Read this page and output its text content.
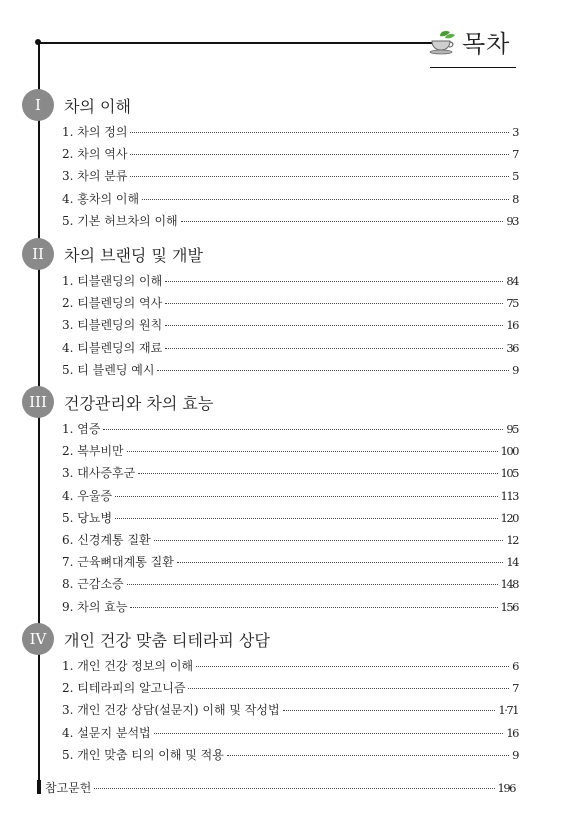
목차
I	차의 이해
1. 차의 정의	3
2. 차의 역사	7
3. 차의 분류	5
4. 홍차의 이해	8
5. 기본 허브차의 이해	93
II	차의 브랜딩 및 개발
1. 티블랜딩의 이해	84
2. 티블렌딩의 역사	75
3. 티블렌딩의 원칙	16
4. 티블렌딩의 재료	36
5. 티 블렌딩 예시	9
III	건강관리와 차의 효능
1. 염증	95
2. 복부비만	100
3. 대사증후군	105
4. 우울증	113
5. 당뇨병	120
6. 신경계통 질환	12
7. 근육뼈대계통 질환	14
8. 근감소증	148
9. 차의 효능	156
IV	개인 건강 맞춤 티테라피 상담
1. 개인 건강 정보의 이해	6
2. 티테라피의 알고니즘	7
3. 개인 건강 상담(설문지) 이해 및 작성법	1·71
4. 설문지 분석법	16
5. 개인 맞춤 티의 이해 및 적용	9
참고문헌	196
